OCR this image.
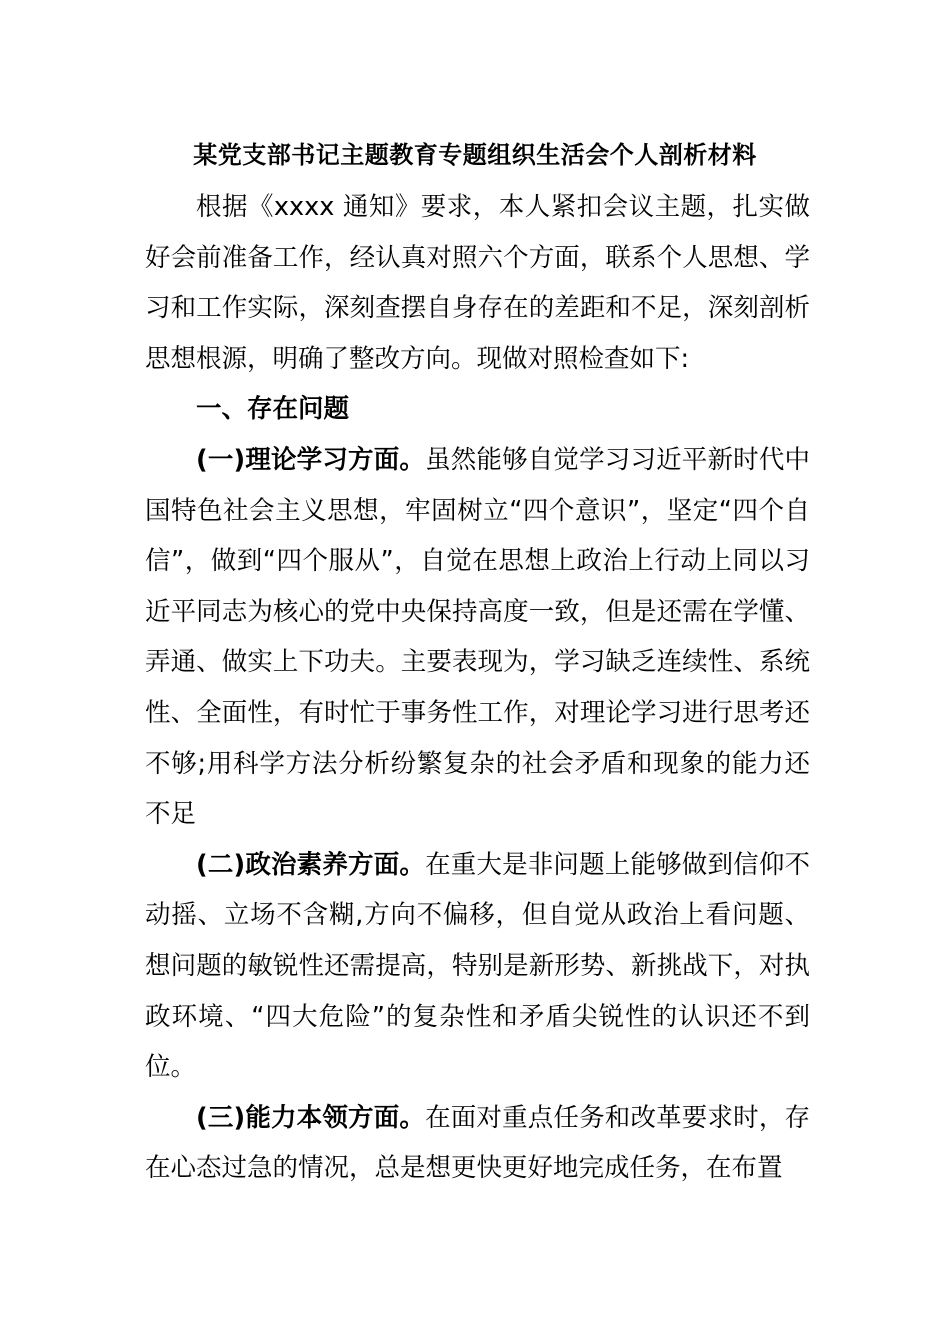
某党支部书记主题教育专题组织生活会个人剖析材料

根据《xxxx 通知》要求，本人紧扣会议主题，扎实做好会前准备工作，经认真对照六个方面，联系个人思想、学习和工作实际，深刻查摆自身存在的差距和不足，深刻剖析思想根源，明确了整改方向。现做对照检查如下:

一、存在问题

(一)理论学习方面。虽然能够自觉学习习近平新时代中国特色社会主义思想，牢固树立“四个意识”，坚定“四个自信”，做到“四个服从”，自觉在思想上政治上行动上同以习近平同志为核心的党中央保持高度一致，但是还需在学懂、弄通、做实上下功夫。主要表现为，学习缺乏连续性、系统性、全面性，有时忙于事务性工作，对理论学习进行思考还不够;用科学方法分析纷繁复杂的社会矛盾和现象的能力还不足

(二)政治素养方面。在重大是非问题上能够做到信仰不动摇、立场不含糊,方向不偏移，但自觉从政治上看问题、想问题的敏锐性还需提高，特别是新形势、新挑战下，对执政环境、“四大危险”的复杂性和矛盾尖锐性的认识还不到位。

(三)能力本领方面。在面对重点任务和改革要求时，存在心态过急的情况，总是想更快更好地完成任务，在布置
